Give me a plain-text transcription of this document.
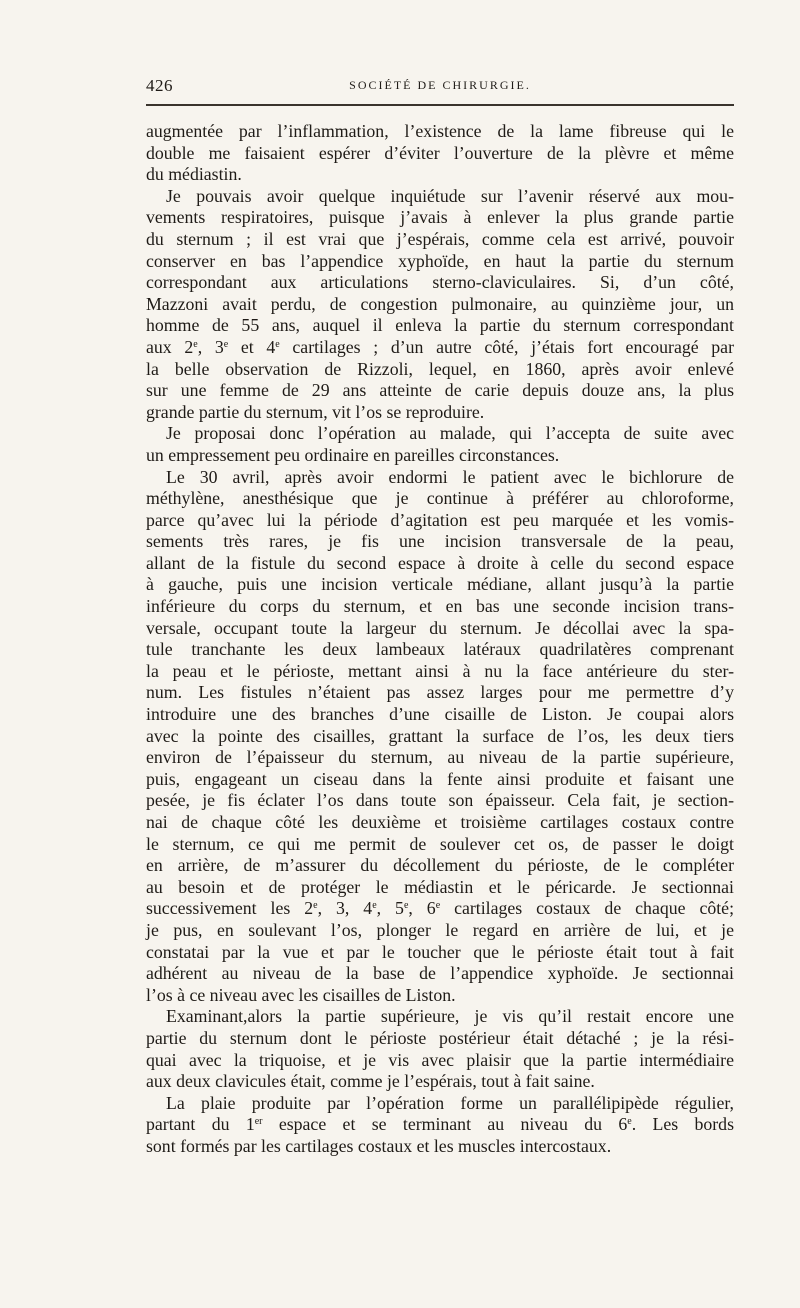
426	SOCIÉTÉ DE CHIRURGIE.
augmentée par l’inflammation, l’existence de la lame fibreuse qui le
double me faisaient espérer d’éviter l’ouverture de la plèvre et même
du médiastin.
Je pouvais avoir quelque inquiétude sur l’avenir réservé aux mou-
vements respiratoires, puisque j’avais à enlever la plus grande partie
du sternum ; il est vrai que j’espérais, comme cela est arrivé, pouvoir
conserver en bas l’appendice xyphoïde, en haut la partie du sternum
correspondant aux articulations sterno-claviculaires. Si, d’un côté,
Mazzoni avait perdu, de congestion pulmonaire, au quinzième jour, un
homme de 55 ans, auquel il enleva la partie du sternum correspondant
aux 2e, 3e et 4e cartilages ; d’un autre côté, j’étais fort encouragé par
la belle observation de Rizzoli, lequel, en 1860, après avoir enlevé
sur une femme de 29 ans atteinte de carie depuis douze ans, la plus
grande partie du sternum, vit l’os se reproduire.
Je proposai donc l’opération au malade, qui l’accepta de suite avec
un empressement peu ordinaire en pareilles circonstances.
Le 30 avril, après avoir endormi le patient avec le bichlorure de
méthylène, anesthésique que je continue à préférer au chloroforme,
parce qu’avec lui la période d’agitation est peu marquée et les vomis-
sements très rares, je fis une incision transversale de la peau,
allant de la fistule du second espace à droite à celle du second espace
à gauche, puis une incision verticale médiane, allant jusqu’à la partie
inférieure du corps du sternum, et en bas une seconde incision trans-
versale, occupant toute la largeur du sternum. Je décollai avec la spa-
tule tranchante les deux lambeaux latéraux quadrilatères comprenant
la peau et le périoste, mettant ainsi à nu la face antérieure du ster-
num. Les fistules n’étaient pas assez larges pour me permettre d’y
introduire une des branches d’une cisaille de Liston. Je coupai alors
avec la pointe des cisailles, grattant la surface de l’os, les deux tiers
environ de l’épaisseur du sternum, au niveau de la partie supérieure,
puis, engageant un ciseau dans la fente ainsi produite et faisant une
pesée, je fis éclater l’os dans toute son épaisseur. Cela fait, je section-
nai de chaque côté les deuxième et troisième cartilages costaux contre
le sternum, ce qui me permit de soulever cet os, de passer le doigt
en arrière, de m’assurer du décollement du périoste, de le compléter
au besoin et de protéger le médiastin et le péricarde. Je sectionnai
successivement les 2e, 3, 4e, 5e, 6e cartilages costaux de chaque côté;
je pus, en soulevant l’os, plonger le regard en arrière de lui, et je
constatai par la vue et par le toucher que le périoste était tout à fait
adhérent au niveau de la base de l’appendice xyphoïde. Je sectionnai
l’os à ce niveau avec les cisailles de Liston.
Examinant,alors la partie supérieure, je vis qu’il restait encore une
partie du sternum dont le périoste postérieur était détaché ; je la rési-
quai avec la triquoise, et je vis avec plaisir que la partie intermédiaire
aux deux clavicules était, comme je l’espérais, tout à fait saine.
La plaie produite par l’opération forme un parallélipipède régulier,
partant du 1er espace et se terminant au niveau du 6e. Les bords
sont formés par les cartilages costaux et les muscles intercostaux.
